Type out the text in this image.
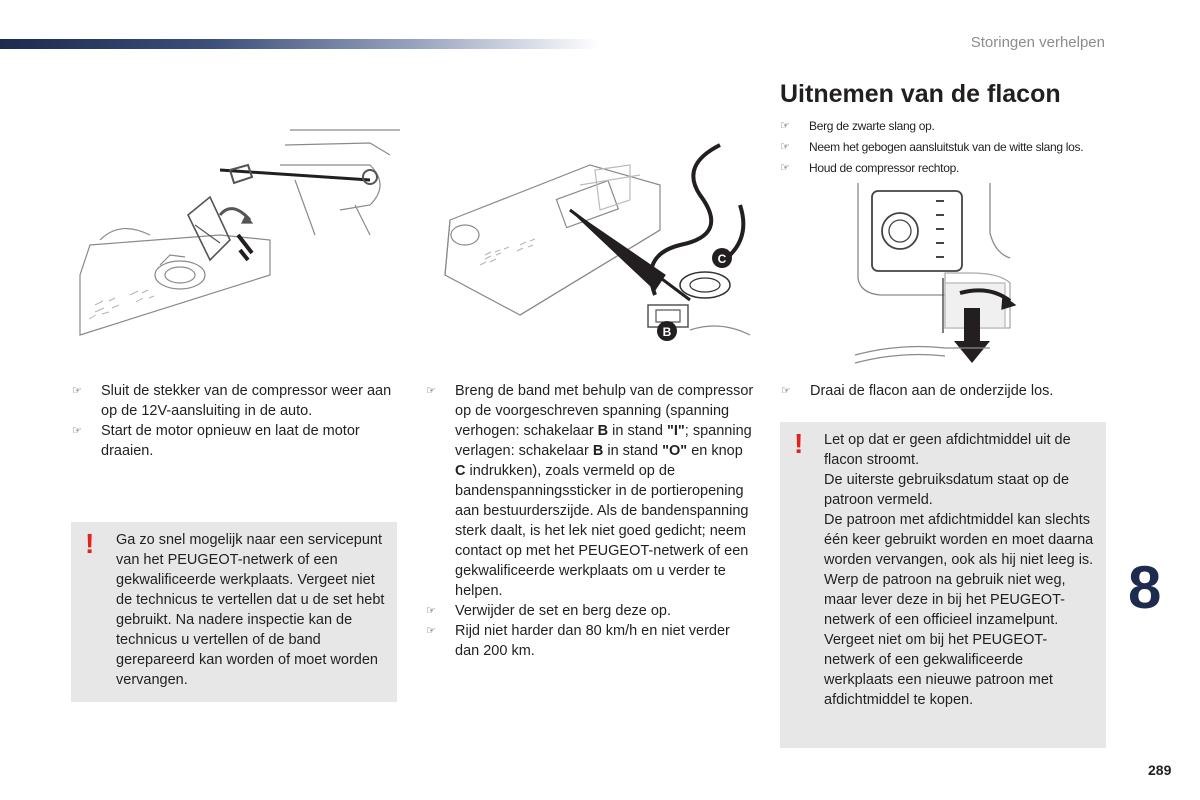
Storingen verhelpen
Uitnemen van de flacon
☞ Berg de zwarte slang op.
☞ Neem het gebogen aansluitstuk van de witte slang los.
☞ Houd de compressor rechtop.
C
B
☞ Sluit de stekker van de compressor weer aan op de 12V-aansluiting in de auto.
☞ Start de motor opnieuw en laat de motor draaien.
! Ga zo snel mogelijk naar een servicepunt van het PEUGEOT-netwerk of een gekwalificeerde werkplaats. Vergeet niet de technicus te vertellen dat u de set hebt gebruikt. Na nadere inspectie kan de technicus u vertellen of de band gerepareerd kan worden of moet worden vervangen.
☞ Breng de band met behulp van de compressor op de voorgeschreven spanning (spanning verhogen: schakelaar B in stand "I"; spanning verlagen: schakelaar B in stand "O" en knop C indrukken), zoals vermeld op de bandenspanningssticker in de portieropening aan bestuurderszijde. Als de bandenspanning sterk daalt, is het lek niet goed gedicht; neem contact op met het PEUGEOT-netwerk of een gekwalificeerde werkplaats om u verder te helpen.
☞ Verwijder de set en berg deze op.
☞ Rijd niet harder dan 80 km/h en niet verder dan 200 km.
☞ Draai de flacon aan de onderzijde los.
! Let op dat er geen afdichtmiddel uit de flacon stroomt.
De uiterste gebruiksdatum staat op de patroon vermeld.
De patroon met afdichtmiddel kan slechts één keer gebruikt worden en moet daarna worden vervangen, ook als hij niet leeg is.
Werp de patroon na gebruik niet weg, maar lever deze in bij het PEUGEOT-netwerk of een officieel inzamelpunt.
Vergeet niet om bij het PEUGEOT-netwerk of een gekwalificeerde werkplaats een nieuwe patroon met afdichtmiddel te kopen.
8
289
